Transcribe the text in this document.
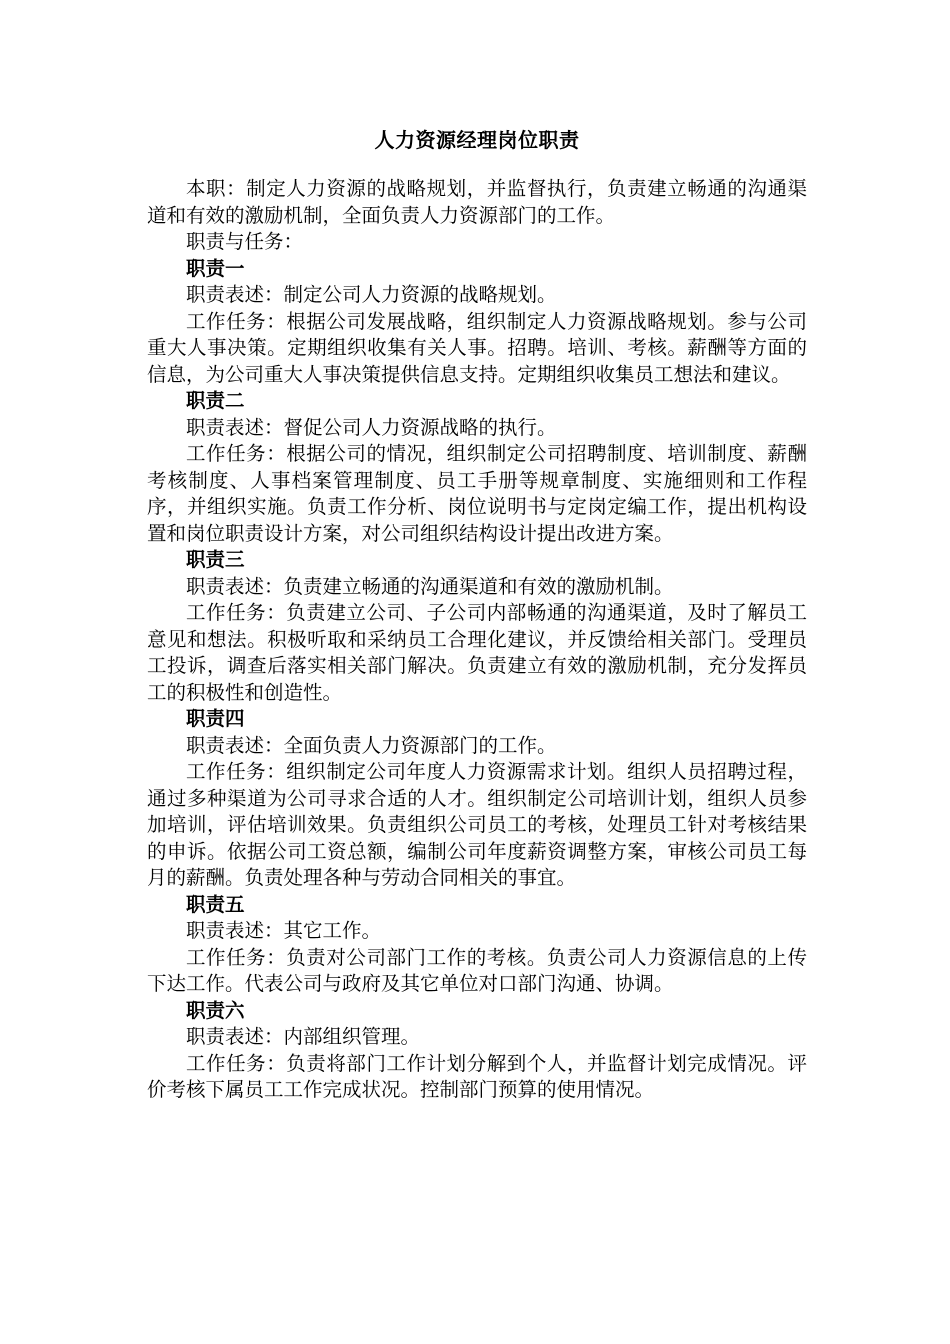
人力资源经理岗位职责

本职：制定人力资源的战略规划，并监督执行，负责建立畅通的沟通渠道和有效的激励机制，全面负责人力资源部门的工作。

职责与任务：

职责一

职责表述：制定公司人力资源的战略规划。

工作任务：根据公司发展战略，组织制定人力资源战略规划。参与公司重大人事决策。定期组织收集有关人事。招聘。培训、考核。薪酬等方面的信息，为公司重大人事决策提供信息支持。定期组织收集员工想法和建议。

职责二

职责表述：督促公司人力资源战略的执行。

工作任务：根据公司的情况，组织制定公司招聘制度、培训制度、薪酬考核制度、人事档案管理制度、员工手册等规章制度、实施细则和工作程序，并组织实施。负责工作分析、岗位说明书与定岗定编工作，提出机构设置和岗位职责设计方案，对公司组织结构设计提出改进方案。

职责三

职责表述：负责建立畅通的沟通渠道和有效的激励机制。

工作任务：负责建立公司、子公司内部畅通的沟通渠道，及时了解员工意见和想法。积极听取和采纳员工合理化建议，并反馈给相关部门。受理员工投诉，调查后落实相关部门解决。负责建立有效的激励机制，充分发挥员工的积极性和创造性。

职责四

职责表述：全面负责人力资源部门的工作。

工作任务：组织制定公司年度人力资源需求计划。组织人员招聘过程，通过多种渠道为公司寻求合适的人才。组织制定公司培训计划，组织人员参加培训，评估培训效果。负责组织公司员工的考核，处理员工针对考核结果的申诉。依据公司工资总额，编制公司年度薪资调整方案，审核公司员工每月的薪酬。负责处理各种与劳动合同相关的事宜。

职责五

职责表述：其它工作。

工作任务：负责对公司部门工作的考核。负责公司人力资源信息的上传下达工作。代表公司与政府及其它单位对口部门沟通、协调。

职责六

职责表述：内部组织管理。

工作任务：负责将部门工作计划分解到个人，并监督计划完成情况。评价考核下属员工工作完成状况。控制部门预算的使用情况。
